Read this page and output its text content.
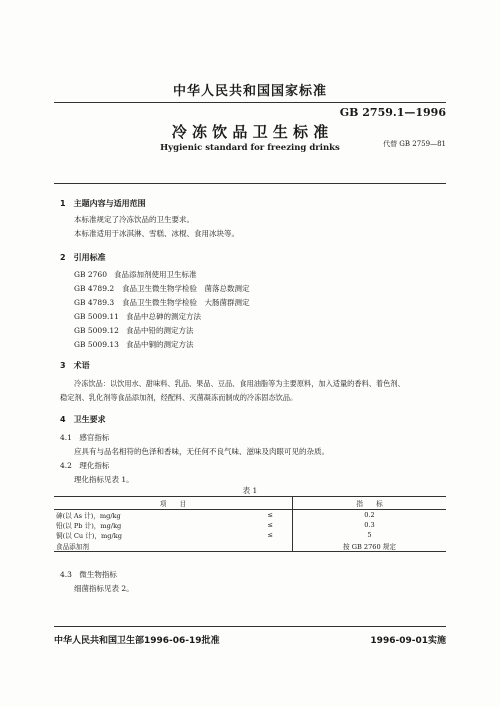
中华人民共和国国家标准
GB 2759.1—1996
冷 冻 饮 品 卫 生 标 准
Hygienic standard for freezing drinks	代替 GB 2759—81
1　主题内容与适用范围
本标准规定了冷冻饮品的卫生要求。
本标准适用于冰淇淋、雪糕、冰棍、食用冰块等。
2　引用标准
GB 2760 食品添加剂使用卫生标准
GB 4789.2 食品卫生微生物学检验　菌落总数测定
GB 4789.3 食品卫生微生物学检验　大肠菌群测定
GB 5009.11 食品中总砷的测定方法
GB 5009.12 食品中铅的测定方法
GB 5009.13 食品中铜的测定方法
3　术语
冷冻饮品：以饮用水、甜味料、乳品、果品、豆品、食用油脂等为主要原料，加入适量的香料、着色剂、
稳定剂、乳化剂等食品添加剂，经配料、灭菌凝冻而制成的冷冻固态饮品。
4　卫生要求
4.1　感官指标
应具有与品名相符的色泽和香味，无任何不良气味、滋味及肉眼可见的杂质。
4.2　理化指标
理化指标见表 1。
表 1
项　　目		指　　标
砷(以 As 计)，mg/kg	≤	0.2
铅(以 Pb 计)，mg/kg	≤	0.3
铜(以 Cu 计)，mg/kg	≤	5
食品添加剂		按 GB 2760 规定
4.3　微生物指标
细菌指标见表 2。
中华人民共和国卫生部1996-06-19批准	1996-09-01实施
